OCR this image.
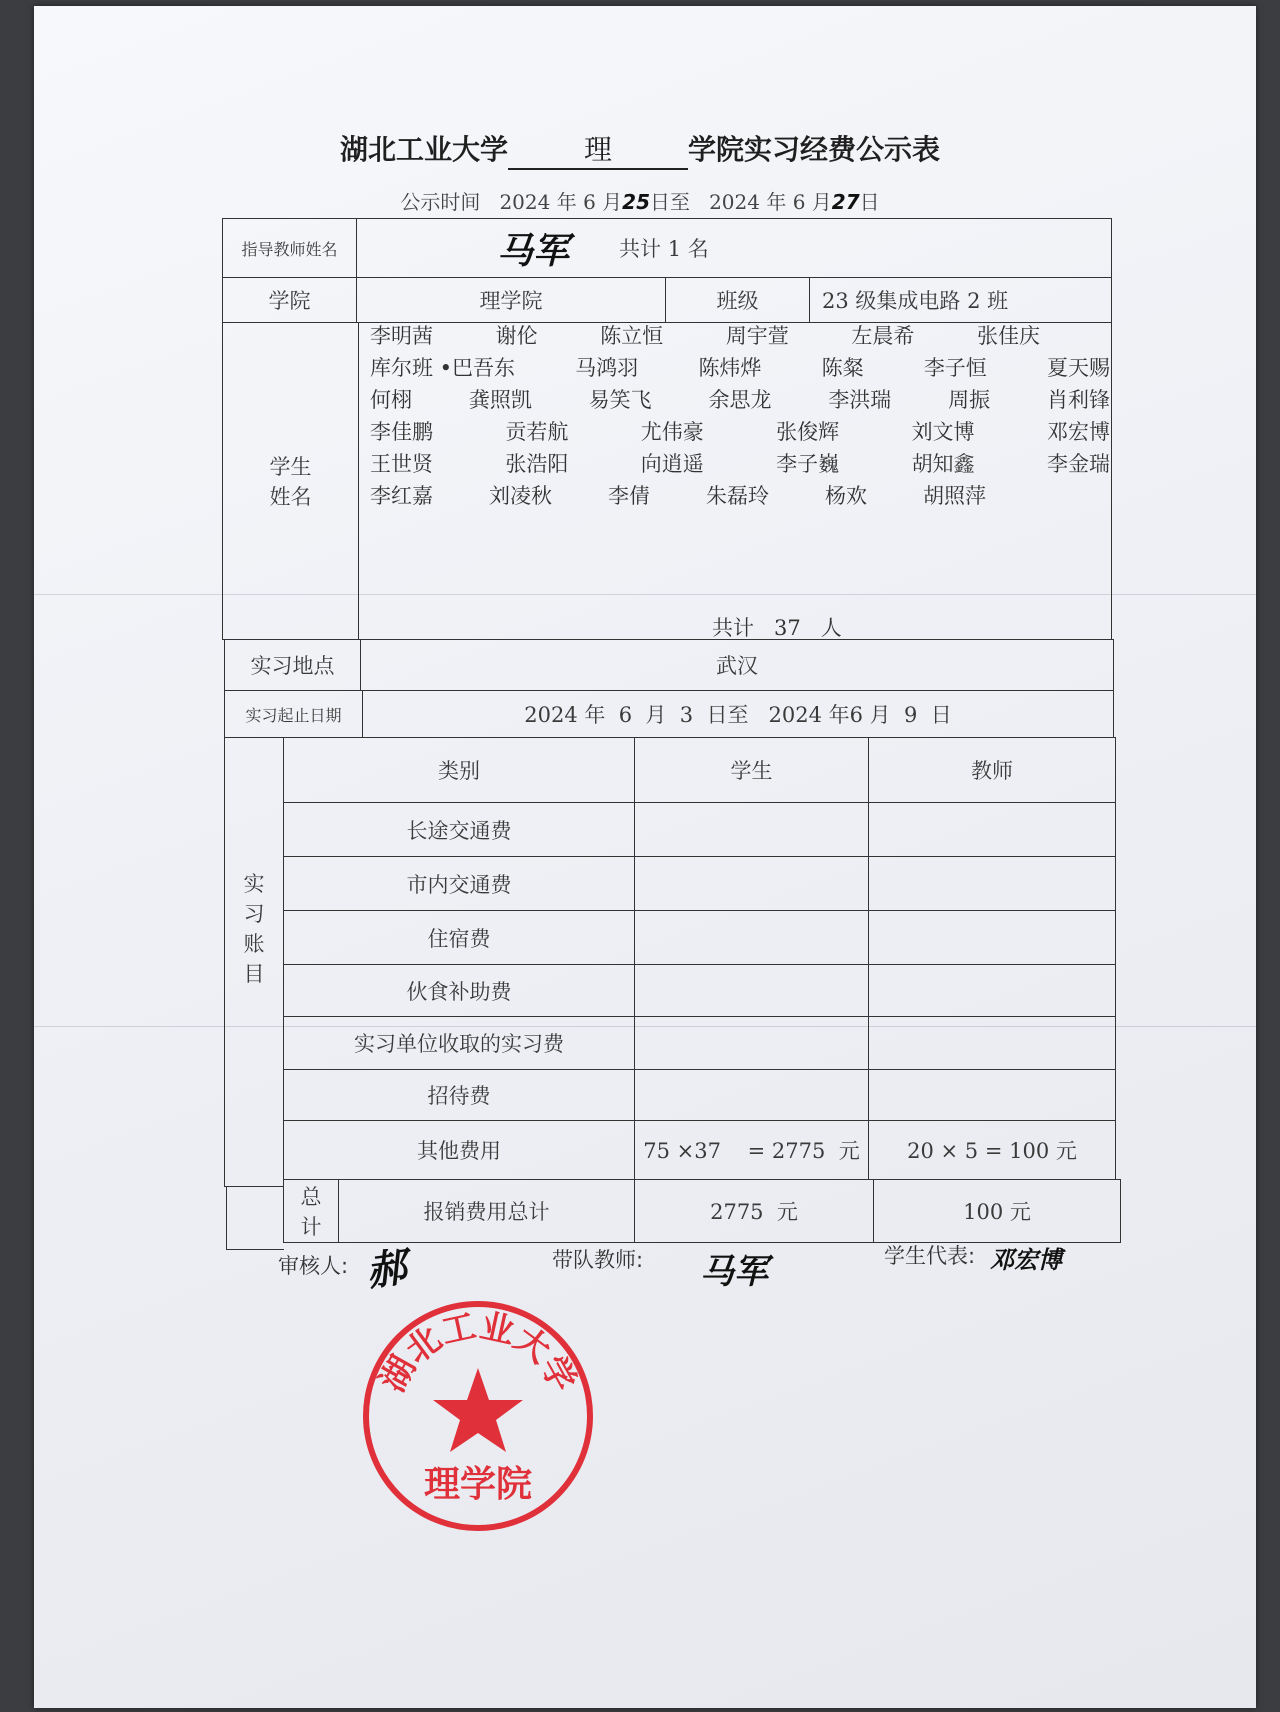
湖北工业大学	理	学院实习经费公示表
公示时间 2024 年 6 月25日至 2024 年 6 月27日
指导教师姓名	马军 共计 1 名
学院	理学院	班级	23 级集成电路 2 班
学生
姓名
李明茜	谢伦	陈立恒	周宇萱	左晨希	张佳庆
库尔班 •巴吾东	马鸿羽	陈炜烨	陈粲	李子恒	夏天赐
何栩	龚照凯	易笑飞	余思龙	李洪瑞	周振	肖利锋
李佳鹏	贡若航	尤伟豪	张俊辉	刘文博	邓宏博
王世贤	张浩阳	向逍遥	李子巍	胡知鑫	李金瑞
李红嘉	刘凌秋	李倩	朱磊玲	杨欢	胡照萍
共计   37   人
实习地点	武汉
实习起止日期	2024 年  6  月  3  日至   2024 年6 月  9  日
实
习
账
目
类别	学生	教师
长途交通费
市内交通费
住宿费
伙食补助费
实习单位收取的实习费
招待费
其他费用	75 ×37    = 2775  元	20 × 5 = 100 元
总
计
报销费用总计	2775  元	100 元
审核人: 郝	带队教师: 马军	学生代表: 邓宏博
湖北工业大学
理学院
